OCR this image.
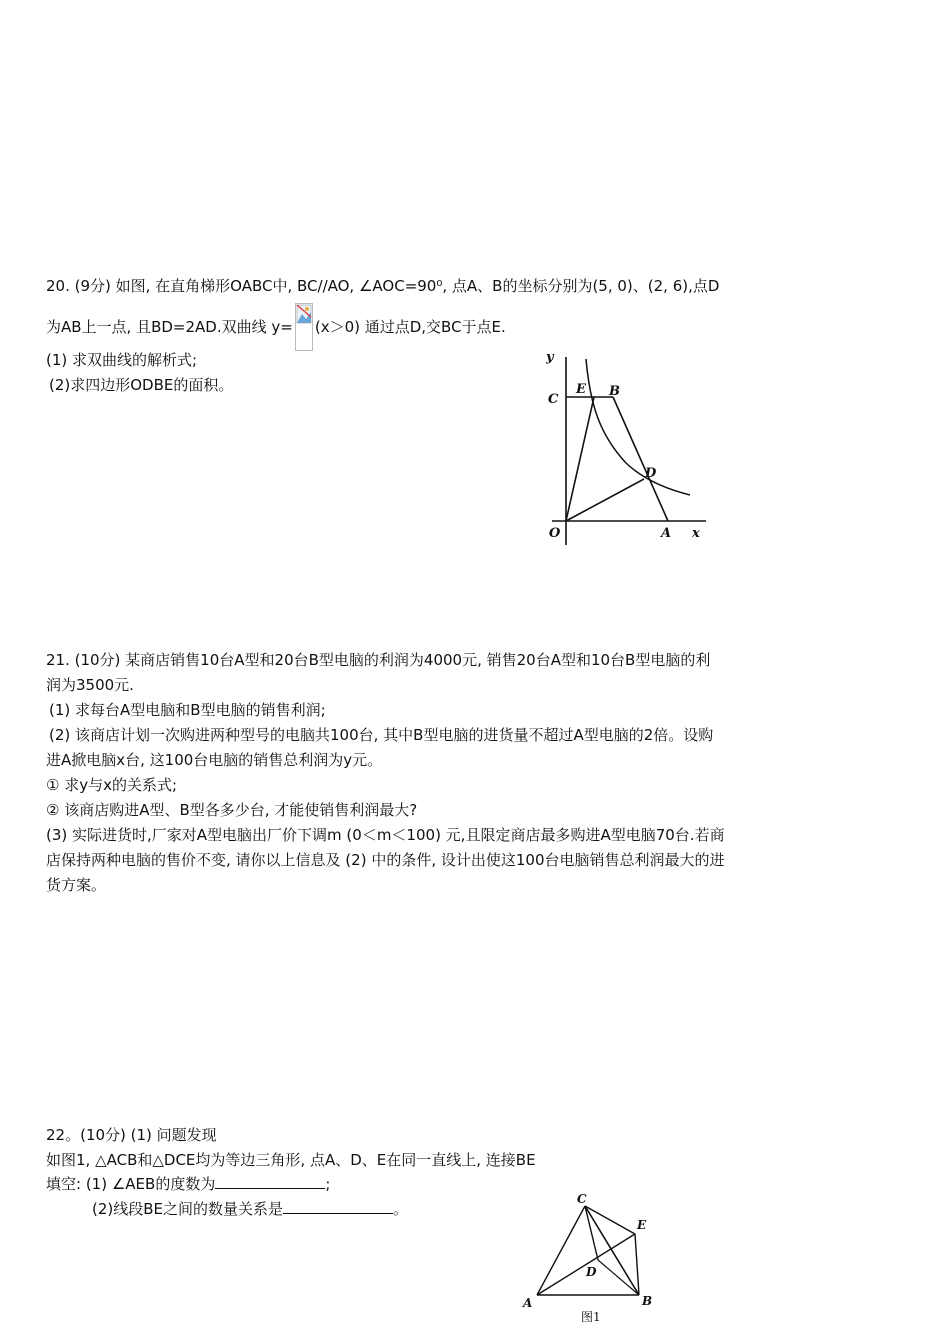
20. (9分) 如图, 在直角梯形OABC中, BC//AO, ∠AOC=90⁰, 点A、B的坐标分别为(5, 0)、(2, 6),点D
为AB上一点, 且BD=2AD.双曲线 y= (x＞0) 通过点D,交BC于点E.
(1) 求双曲线的解析式;
(2)求四边形ODBE的面积。
y
x
C
E B
D
O	A
21. (10分) 某商店销售10台A型和20台B型电脑的利润为4000元, 销售20台A型和10台B型电脑的利
润为3500元.
(1) 求每台A型电脑和B型电脑的销售利润;
(2) 该商店计划一次购进两种型号的电脑共100台, 其中B型电脑的进货量不超过A型电脑的2倍。设购
进A掀电脑x台, 这100台电脑的销售总利润为y元。
① 求y与x的关系式;
② 该商店购进A型、B型各多少台, 才能使销售利润最大?
(3) 实际进货时,厂家对A型电脑出厂价下调m (0＜m＜100) 元,且限定商店最多购进A型电脑70台.若商
店保持两种电脑的售价不变, 请你以上信息及 (2) 中的条件, 设计出使这100台电脑销售总利润最大的进
货方案。
22。(10分) (1) 问题发现
如图1, △ACB和△DCE均为等边三角形, 点A、D、E在同一直线上, 连接BE
填空: (1) ∠AEB的度数为	;
(2)线段BE之间的数量关系是	。
C
E
D
A	B
图1
